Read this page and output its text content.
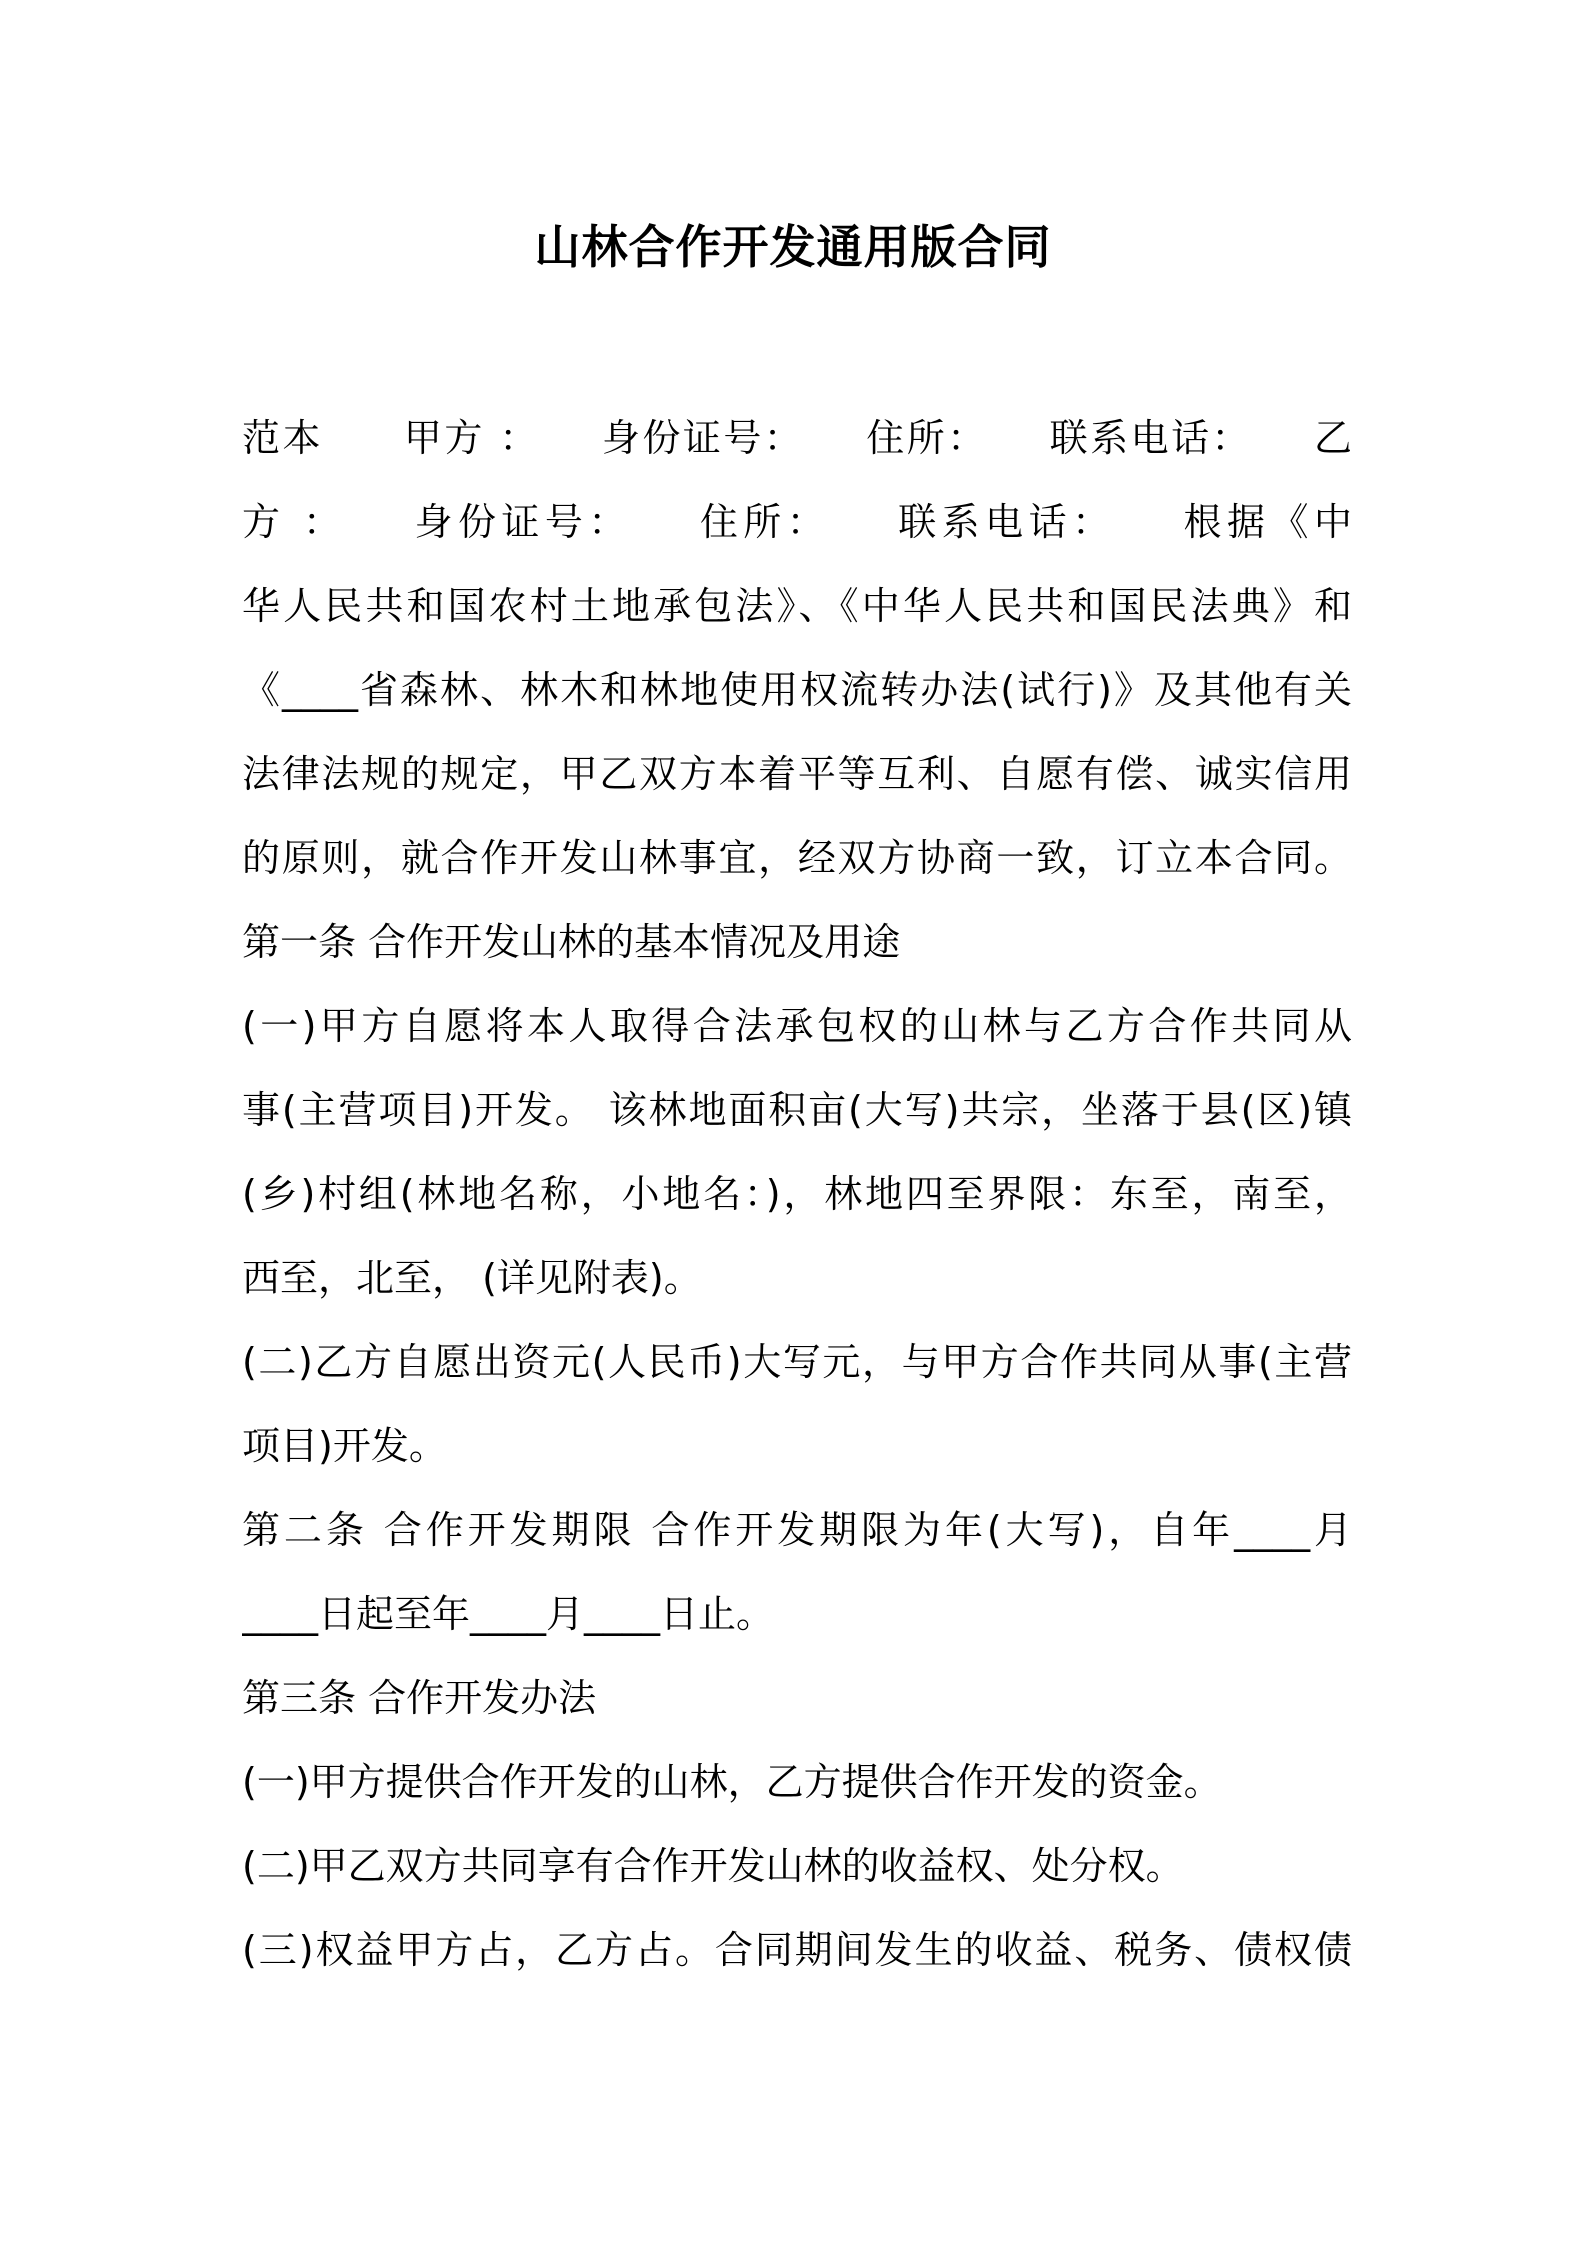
山林合作开发通用版合同
范本　　甲方 ：　　身份证号：　　住所：　　联系电话：　　乙
方 ：　　身份证号：　　住所：　　联系电话：　　根据《中
华人民共和国农村土地承包法》、《中华人民共和国民法典》和
《____省森林、林木和林地使用权流转办法(试行)》及其他有关
法律法规的规定，甲乙双方本着平等互利、自愿有偿、诚实信用
的原则，就合作开发山林事宜，经双方协商一致，订立本合同。
第一条 合作开发山林的基本情况及用途
(一)甲方自愿将本人取得合法承包权的山林与乙方合作共同从
事(主营项目)开发。 该林地面积亩(大写)共宗，坐落于县(区)镇
(乡)村组(林地名称，小地名：)，林地四至界限：东至，南至，
西至，北至， (详见附表)。
(二)乙方自愿出资元(人民币)大写元，与甲方合作共同从事(主营
项目)开发。
第二条 合作开发期限 合作开发期限为年(大写)，自年____月
____日起至年____月____日止。
第三条 合作开发办法
(一)甲方提供合作开发的山林，乙方提供合作开发的资金。
(二)甲乙双方共同享有合作开发山林的收益权、处分权。
(三)权益甲方占，乙方占。合同期间发生的收益、税务、债权债
